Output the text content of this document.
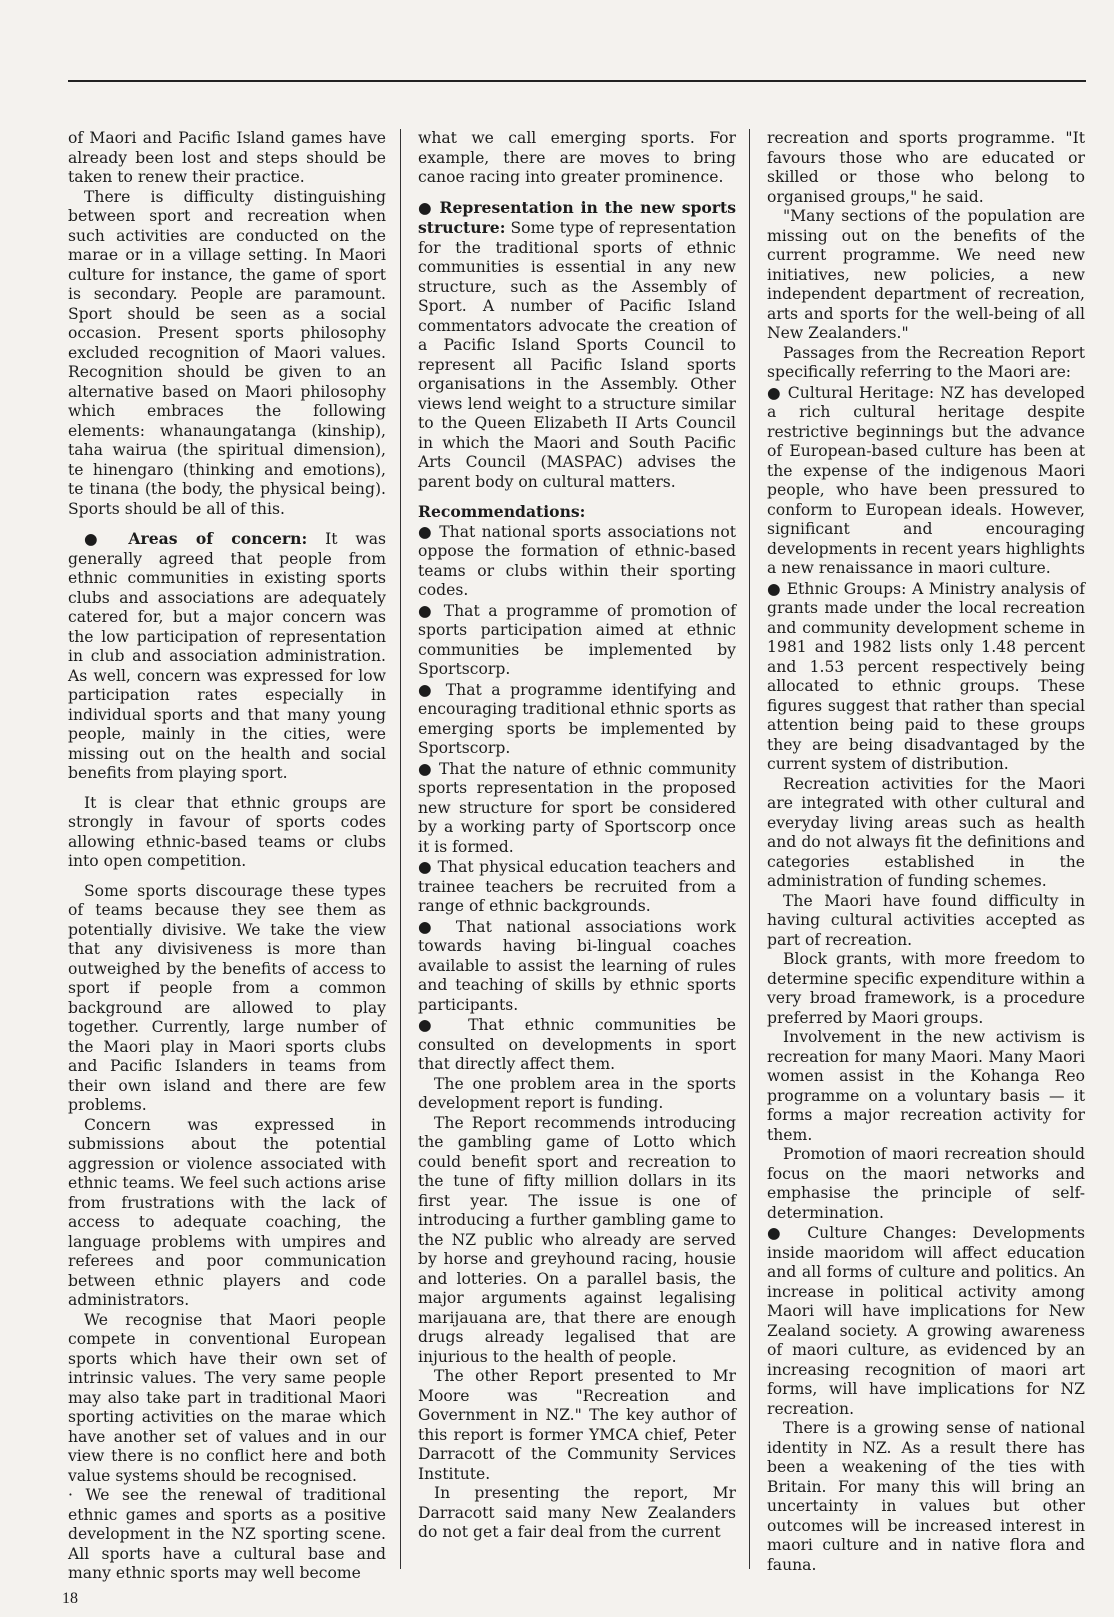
of Maori and Pacific Island games have already been lost and steps should be taken to renew their practice.

There is difficulty distinguishing between sport and recreation when such activities are conducted on the marae or in a village setting. In Maori culture for instance, the game of sport is secondary. People are paramount. Sport should be seen as a social occasion. Present sports philosophy excluded recognition of Maori values. Recognition should be given to an alternative based on Maori philosophy which embraces the following elements: whanaungatanga (kinship), taha wairua (the spiritual dimension), te hinengaro (thinking and emotions), te tinana (the body, the physical being). Sports should be all of this.

● Areas of concern: It was generally agreed that people from ethnic communities in existing sports clubs and associations are adequately catered for, but a major concern was the low participation of representation in club and association administration. As well, concern was expressed for low participation rates especially in individual sports and that many young people, mainly in the cities, were missing out on the health and social benefits from playing sport.

It is clear that ethnic groups are strongly in favour of sports codes allowing ethnic-based teams or clubs into open competition.

Some sports discourage these types of teams because they see them as potentially divisive. We take the view that any divisiveness is more than outweighed by the benefits of access to sport if people from a common background are allowed to play together. Currently, large number of the Maori play in Maori sports clubs and Pacific Islanders in teams from their own island and there are few problems.

Concern was expressed in submissions about the potential aggression or violence associated with ethnic teams. We feel such actions arise from frustrations with the lack of access to adequate coaching, the language problems with umpires and referees and poor communication between ethnic players and code administrators.

We recognise that Maori people compete in conventional European sports which have their own set of intrinsic values. The very same people may also take part in traditional Maori sporting activities on the marae which have another set of values and in our view there is no conflict here and both value systems should be recognised.

· We see the renewal of traditional ethnic games and sports as a positive development in the NZ sporting scene. All sports have a cultural base and many ethnic sports may well become

what we call emerging sports. For example, there are moves to bring canoe racing into greater prominence.

● Representation in the new sports structure: Some type of representation for the traditional sports of ethnic communities is essential in any new structure, such as the Assembly of Sport. A number of Pacific Island commentators advocate the creation of a Pacific Island Sports Council to represent all Pacific Island sports organisations in the Assembly. Other views lend weight to a structure similar to the Queen Elizabeth II Arts Council in which the Maori and South Pacific Arts Council (MASPAC) advises the parent body on cultural matters.

Recommendations:

● That national sports associations not oppose the formation of ethnic-based teams or clubs within their sporting codes.

● That a programme of promotion of sports participation aimed at ethnic communities be implemented by Sportscorp.

● That a programme identifying and encouraging traditional ethnic sports as emerging sports be implemented by Sportscorp.

● That the nature of ethnic community sports representation in the proposed new structure for sport be considered by a working party of Sportscorp once it is formed.

● That physical education teachers and trainee teachers be recruited from a range of ethnic backgrounds.

● That national associations work towards having bi-lingual coaches available to assist the learning of rules and teaching of skills by ethnic sports participants.

● That ethnic communities be consulted on developments in sport that directly affect them.

The one problem area in the sports development report is funding.

The Report recommends introducing the gambling game of Lotto which could benefit sport and recreation to the tune of fifty million dollars in its first year. The issue is one of introducing a further gambling game to the NZ public who already are served by horse and greyhound racing, housie and lotteries. On a parallel basis, the major arguments against legalising marijauana are, that there are enough drugs already legalised that are injurious to the health of people.

The other Report presented to Mr Moore was "Recreation and Government in NZ." The key author of this report is former YMCA chief, Peter Darracott of the Community Services Institute.

In presenting the report, Mr Darracott said many New Zealanders do not get a fair deal from the current

recreation and sports programme. "It favours those who are educated or skilled or those who belong to organised groups," he said.

"Many sections of the population are missing out on the benefits of the current programme. We need new initiatives, new policies, a new independent department of recreation, arts and sports for the well-being of all New Zealanders."

Passages from the Recreation Report specifically referring to the Maori are:

● Cultural Heritage: NZ has developed a rich cultural heritage despite restrictive beginnings but the advance of European-based culture has been at the expense of the indigenous Maori people, who have been pressured to conform to European ideals. However, significant and encouraging developments in recent years highlights a new renaissance in maori culture.

● Ethnic Groups: A Ministry analysis of grants made under the local recreation and community development scheme in 1981 and 1982 lists only 1.48 percent and 1.53 percent respectively being allocated to ethnic groups. These figures suggest that rather than special attention being paid to these groups they are being disadvantaged by the current system of distribution.

Recreation activities for the Maori are integrated with other cultural and everyday living areas such as health and do not always fit the definitions and categories established in the administration of funding schemes.

The Maori have found difficulty in having cultural activities accepted as part of recreation.

Block grants, with more freedom to determine specific expenditure within a very broad framework, is a procedure preferred by Maori groups.

Involvement in the new activism is recreation for many Maori. Many Maori women assist in the Kohanga Reo programme on a voluntary basis — it forms a major recreation activity for them.

Promotion of maori recreation should focus on the maori networks and emphasise the principle of self-determination.

● Culture Changes: Developments inside maoridom will affect education and all forms of culture and politics. An increase in political activity among Maori will have implications for New Zealand society. A growing awareness of maori culture, as evidenced by an increasing recognition of maori art forms, will have implications for NZ recreation.

There is a growing sense of national identity in NZ. As a result there has been a weakening of the ties with Britain. For many this will bring an uncertainty in values but other outcomes will be increased interest in maori culture and in native flora and fauna.

18
